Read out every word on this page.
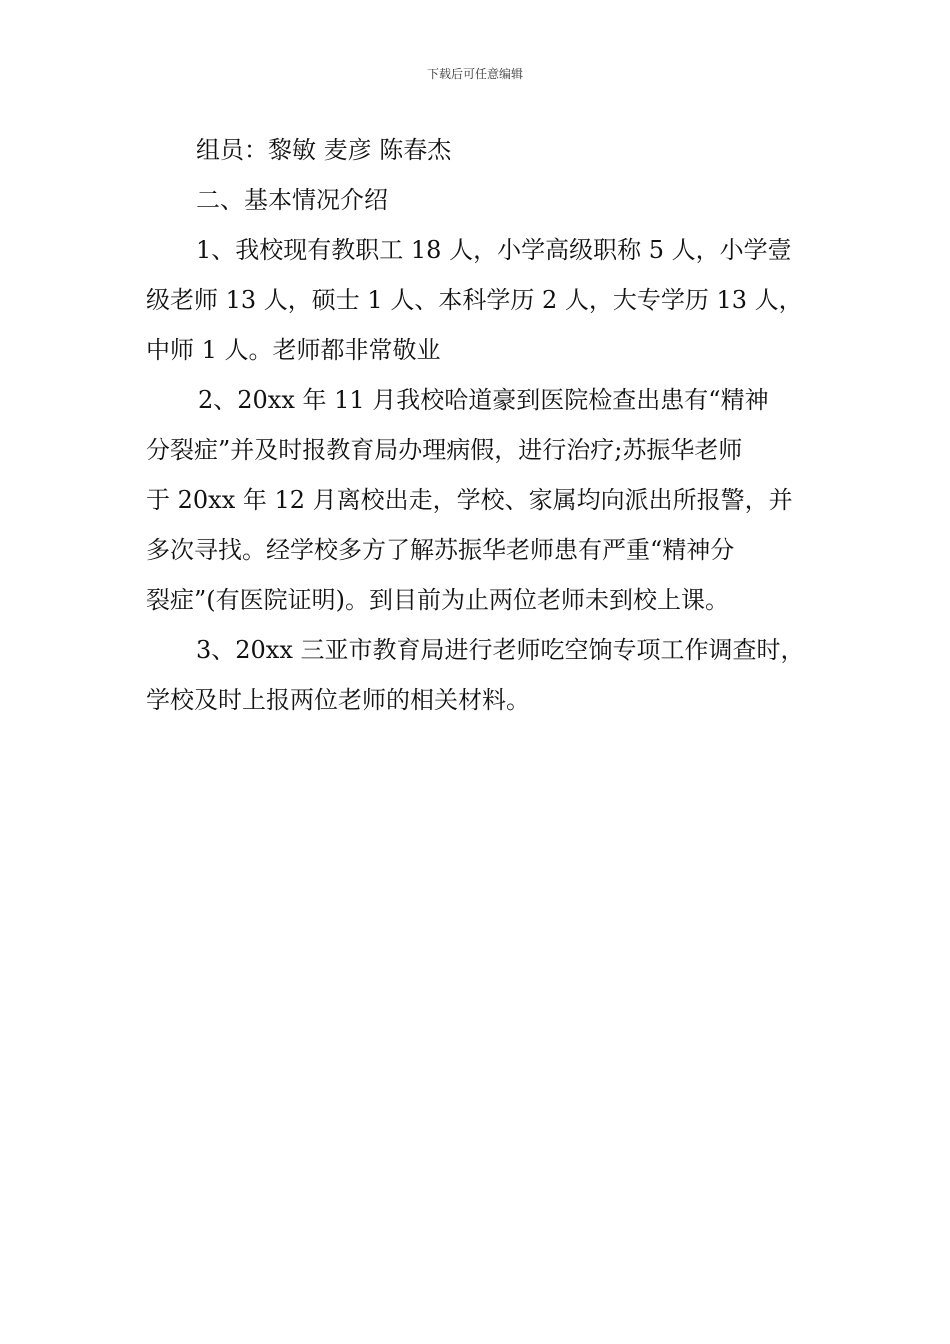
下载后可任意编辑
组员：黎敏 麦彦 陈春杰
二、基本情况介绍
1、我校现有教职工 18 人，小学高级职称 5 人，小学壹
级老师 13 人，硕士 1 人、本科学历 2 人，大专学历 13 人，
中师 1 人。老师都非常敬业
2、20xx 年 11 月我校哈道豪到医院检查出患有“精神
分裂症”并及时报教育局办理病假，进行治疗;苏振华老师
于 20xx 年 12 月离校出走，学校、家属均向派出所报警，并
多次寻找。经学校多方了解苏振华老师患有严重“精神分
裂症”(有医院证明)。到目前为止两位老师未到校上课。
3、20xx 三亚市教育局进行老师吃空饷专项工作调查时，
学校及时上报两位老师的相关材料。
